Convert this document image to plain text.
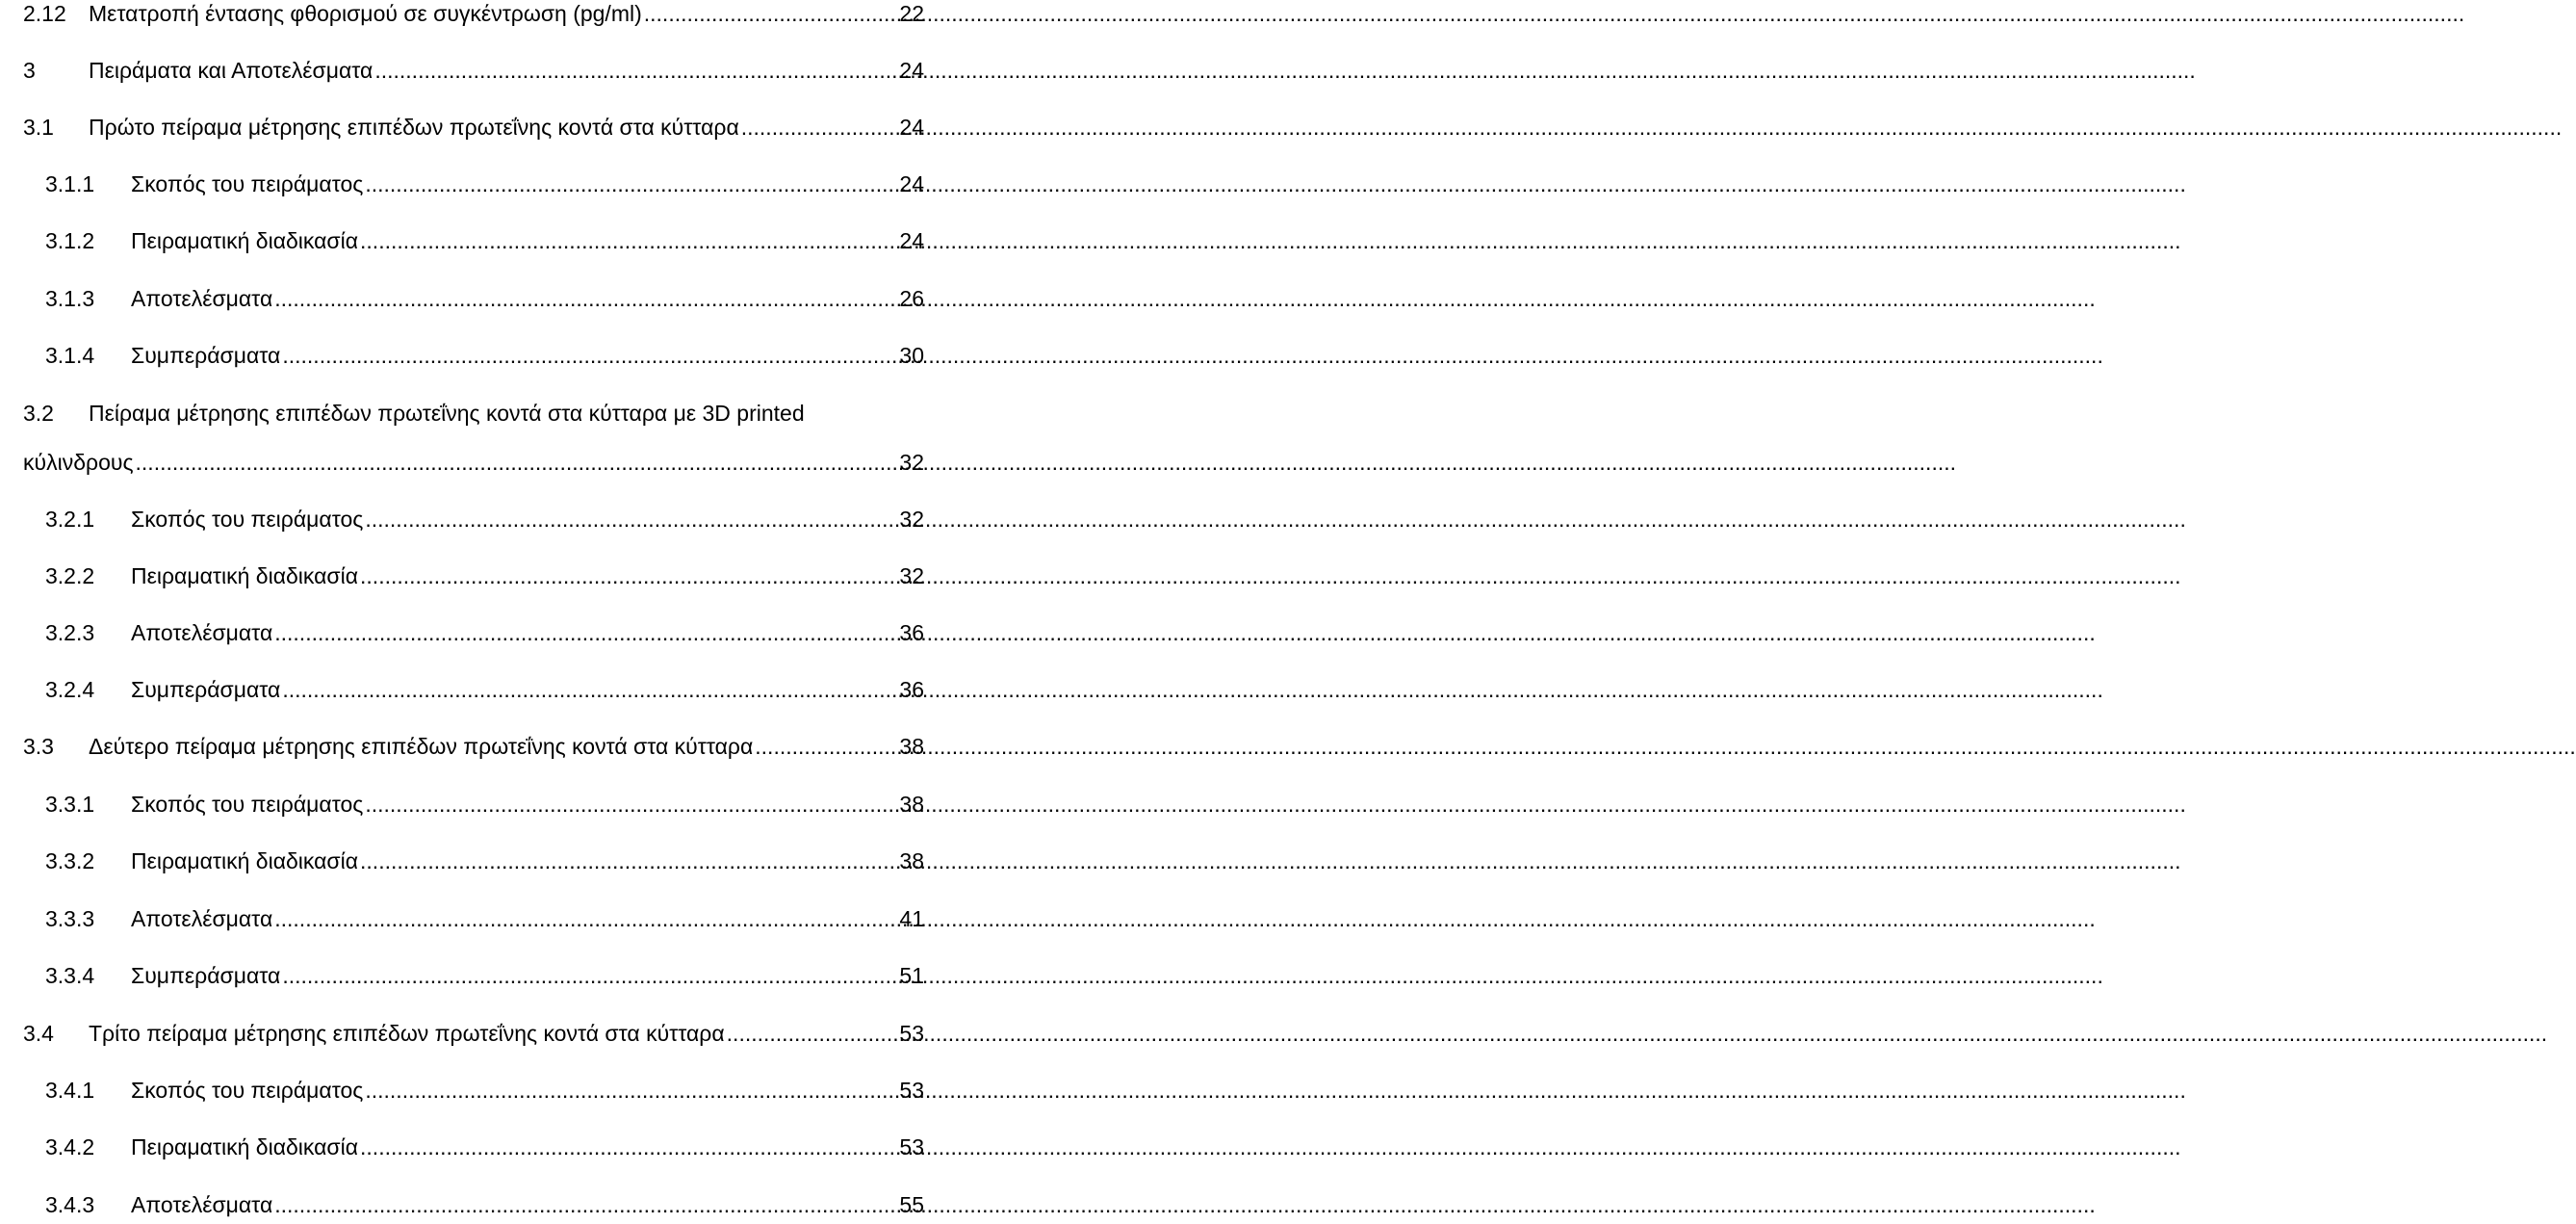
2.12	Μετατροπή έντασης φθορισμού σε συγκέντρωση (pg/ml) .....	22
3	Πειράματα και Αποτελέσματα .....	24
3.1	Πρώτο πείραμα μέτρησης επιπέδων πρωτεΐνης κοντά στα κύτταρα .....	24
3.1.1	Σκοπός του πειράματος .....	24
3.1.2	Πειραματική διαδικασία .....	24
3.1.3	Αποτελέσματα .....	26
3.1.4	Συμπεράσματα .....	30
3.2	Πείραμα μέτρησης επιπέδων πρωτεΐνης κοντά στα κύτταρα με 3D printed
κύλινδρους .....	32
3.2.1	Σκοπός του πειράματος .....	32
3.2.2	Πειραματική διαδικασία .....	32
3.2.3	Αποτελέσματα .....	36
3.2.4	Συμπεράσματα .....	36
3.3	Δεύτερο πείραμα μέτρησης επιπέδων πρωτεΐνης κοντά στα κύτταρα .....	38
3.3.1	Σκοπός του πειράματος .....	38
3.3.2	Πειραματική διαδικασία .....	38
3.3.3	Αποτελέσματα .....	41
3.3.4	Συμπεράσματα .....	51
3.4	Τρίτο πείραμα μέτρησης επιπέδων πρωτεΐνης κοντά στα κύτταρα .....	53
3.4.1	Σκοπός του πειράματος .....	53
3.4.2	Πειραματική διαδικασία .....	53
3.4.3	Αποτελέσματα .....	55
